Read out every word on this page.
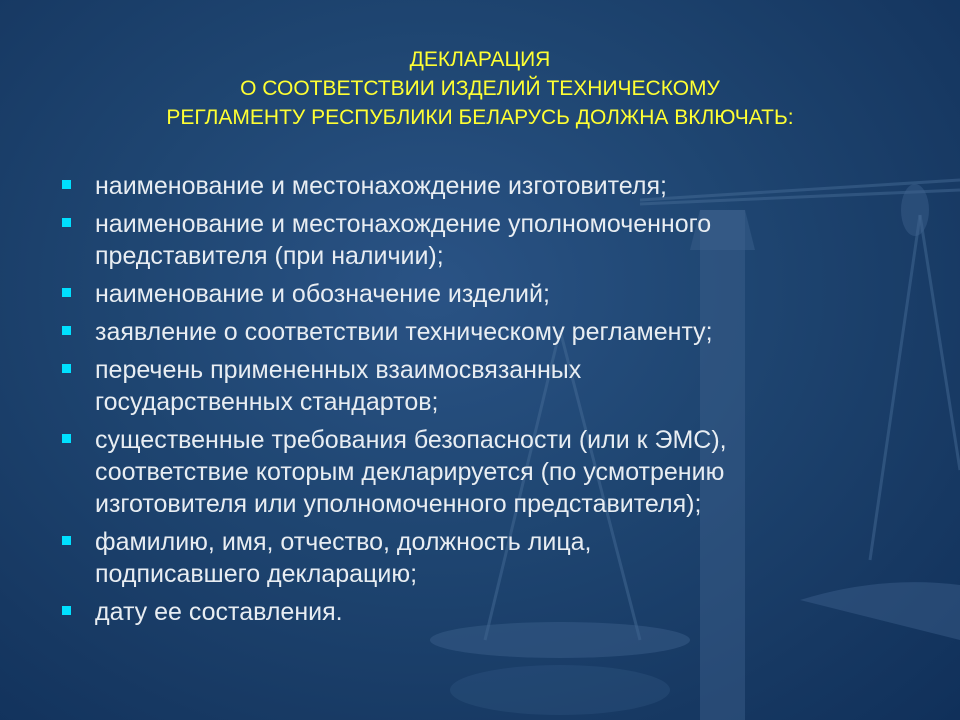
ДЕКЛАРАЦИЯ
О СООТВЕТСТВИИ ИЗДЕЛИЙ ТЕХНИЧЕСКОМУ
РЕГЛАМЕНТУ РЕСПУБЛИКИ БЕЛАРУСЬ ДОЛЖНА ВКЛЮЧАТЬ:
наименование и местонахождение изготовителя;
наименование и местонахождение уполномоченного
представителя (при наличии);
наименование и обозначение изделий;
заявление о соответствии техническому регламенту;
перечень примененных взаимосвязанных
государственных стандартов;
существенные требования безопасности (или к ЭМС),
соответствие которым декларируется (по усмотрению
изготовителя или уполномоченного представителя);
фамилию, имя, отчество, должность лица,
подписавшего декларацию;
дату ее составления.
